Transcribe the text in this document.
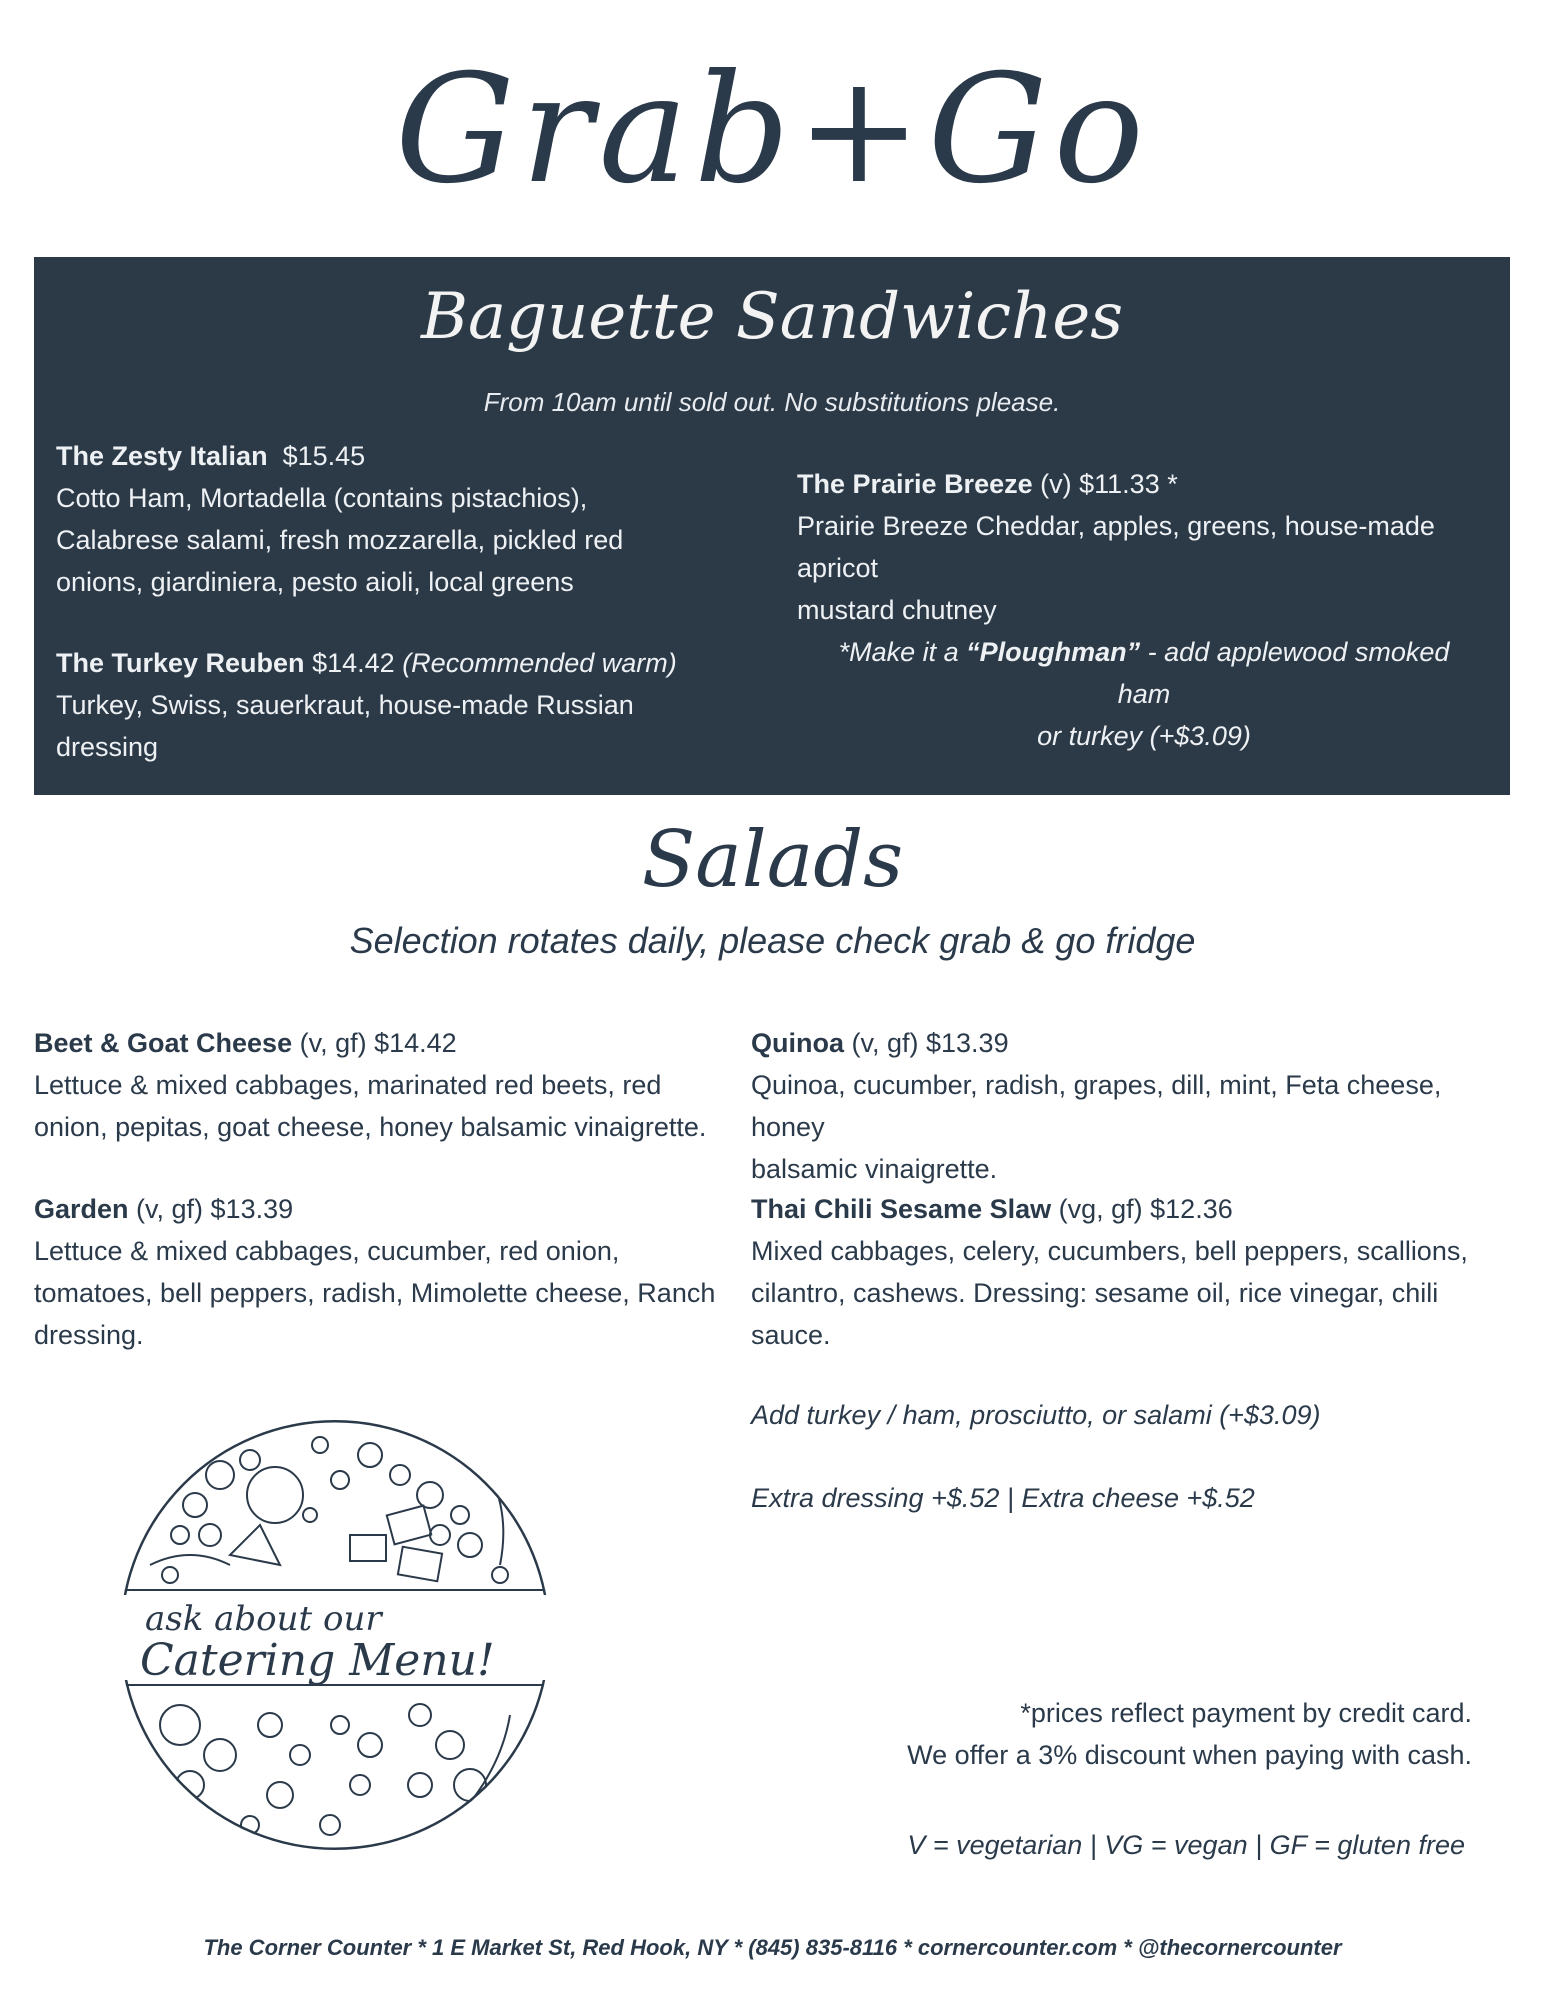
Grab+Go
Baguette Sandwiches
From 10am until sold out. No substitutions please.
The Zesty Italian $15.45
Cotto Ham, Mortadella (contains pistachios),
Calabrese salami, fresh mozzarella, pickled red
onions, giardiniera, pesto aioli, local greens
The Turkey Reuben $14.42 (Recommended warm)
Turkey, Swiss, sauerkraut, house-made Russian
dressing
The Prairie Breeze (v) $11.33 *
Prairie Breeze Cheddar, apples, greens, house-made apricot
mustard chutney
*Make it a “Ploughman” - add applewood smoked ham
or turkey (+$3.09)
Salads
Selection rotates daily, please check grab & go fridge
Beet & Goat Cheese (v, gf) $14.42
Lettuce & mixed cabbages, marinated red beets, red
onion, pepitas, goat cheese, honey balsamic vinaigrette.
Garden (v, gf) $13.39
Lettuce & mixed cabbages, cucumber, red onion,
tomatoes, bell peppers, radish, Mimolette cheese, Ranch
dressing.
Quinoa (v, gf) $13.39
Quinoa, cucumber, radish, grapes, dill, mint, Feta cheese, honey
balsamic vinaigrette.
Thai Chili Sesame Slaw (vg, gf) $12.36
Mixed cabbages, celery, cucumbers, bell peppers, scallions,
cilantro, cashews. Dressing: sesame oil, rice vinegar, chili sauce.
Add turkey / ham, prosciutto, or salami (+$3.09)
Extra dressing +$.52 | Extra cheese +$.52
ask about our
Catering Menu!
*prices reflect payment by credit card.
We offer a 3% discount when paying with cash.
V = vegetarian | VG = vegan | GF = gluten free
The Corner Counter * 1 E Market St, Red Hook, NY * (845) 835-8116 * cornercounter.com * @thecornercounter
